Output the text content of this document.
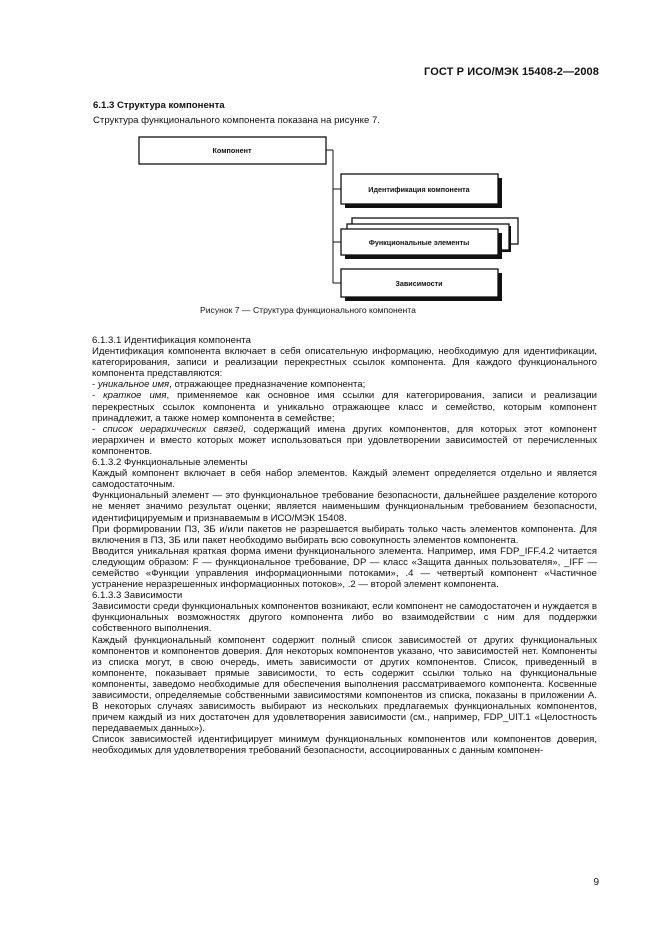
ГОСТ Р ИСО/МЭК 15408-2—2008
6.1.3 Структура компонента
Структура функционального компонента показана на рисунке 7.
Компонент
Идентификация компонента
Функциональные элементы
Зависимости
Рисунок 7 — Структура функционального компонента

6.1.3.1 Идентификация компонента

Идентификация компонента включает в себя описательную информацию, необходимую для идентификации, категорирования, записи и реализации перекрестных ссылок компонента. Для каждого функционального компонента представляются:

- уникальное имя, отражающее предназначение компонента;

- краткое имя, применяемое как основное имя ссылки для категорирования, записи и реализации перекрестных ссылок компонента и уникально отражающее класс и семейство, которым компонент принадлежит, а также номер компонента в семействе;

- список иерархических связей, содержащий имена других компонентов, для которых этот компонент иерархичен и вместо которых может использоваться при удовлетворении зависимостей от перечисленных компонентов.

6.1.3.2 Функциональные элементы

Каждый компонент включает в себя набор элементов. Каждый элемент определяется отдельно и является самодостаточным.

Функциональный элемент — это функциональное требование безопасности, дальнейшее разделение которого не меняет значимо результат оценки; является наименьшим функциональным требованием безопасности, идентифицируемым и признаваемым в ИСО/МЭК 15408.

При формировании ПЗ, ЗБ и/или пакетов не разрешается выбирать только часть элементов компонента. Для включения в ПЗ, ЗБ или пакет необходимо выбирать всю совокупность элементов компонента.

Вводится уникальная краткая форма имени функционального элемента. Например, имя FDP_IFF.4.2 читается следующим образом: F — функциональное требование, DP — класс «Защита данных пользователя», _IFF — семейство «Функции управления информационными потоками», .4 — четвертый компонент «Частичное устранение неразрешенных информационных потоков», .2 — второй элемент компонента.

6.1.3.3 Зависимости

Зависимости среди функциональных компонентов возникают, если компонент не самодостаточен и нуждается в функциональных возможностях другого компонента либо во взаимодействии с ним для поддержки собственного выполнения.

Каждый функциональный компонент содержит полный список зависимостей от других функциональных компонентов и компонентов доверия. Для некоторых компонентов указано, что зависимостей нет. Компоненты из списка могут, в свою очередь, иметь зависимости от других компонентов. Список, приведенный в компоненте, показывает прямые зависимости, то есть содержит ссылки только на функциональные компоненты, заведомо необходимые для обеспечения выполнения рассматриваемого компонента. Косвенные зависимости, определяемые собственными зависимостями компонентов из списка, показаны в приложении А. В некоторых случаях зависимость выбирают из нескольких предлагаемых функциональных компонентов, причем каждый из них достаточен для удовлетворения зависимости (см., например, FDP_UIT.1 «Целостность передаваемых данных»).

Список зависимостей идентифицирует минимум функциональных компонентов или компонентов доверия, необходимых для удовлетворения требований безопасности, ассоциированных с данным компонен-

9
